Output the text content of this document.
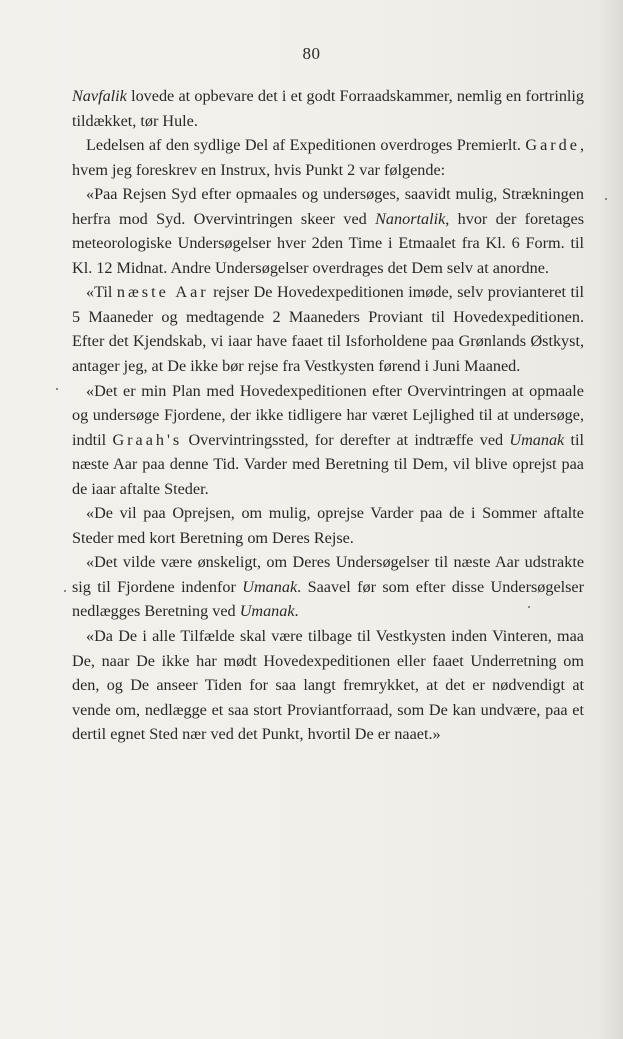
80

Navfalik lovede at opbevare det i et godt Forraadskammer, nemlig en fortrinlig tildækket, tør Hule.

Ledelsen af den sydlige Del af Expeditionen overdroges Premierlt. Garde, hvem jeg foreskrev en Instrux, hvis Punkt 2 var følgende:

«Paa Rejsen Syd efter opmaales og undersøges, saavidt mulig, Strækningen herfra mod Syd. Overvintringen skeer ved Nanortalik, hvor der foretages meteorologiske Undersøgelser hver 2den Time i Etmaalet fra Kl. 6 Form. til Kl. 12 Midnat. Andre Undersøgelser overdrages det Dem selv at anordne.

«Til næste Aar rejser De Hovedexpeditionen imøde, selv provianteret til 5 Maaneder og medtagende 2 Maaneders Proviant til Hovedexpeditionen. Efter det Kjendskab, vi iaar have faaet til Isforholdene paa Grønlands Østkyst, antager jeg, at De ikke bør rejse fra Vestkysten førend i Juni Maaned.

«Det er min Plan med Hovedexpeditionen efter Overvintringen at opmaale og undersøge Fjordene, der ikke tidligere har været Lejlighed til at undersøge, indtil Graah's Overvintringssted, for derefter at indtræffe ved Umanak til næste Aar paa denne Tid. Varder med Beretning til Dem, vil blive oprejst paa de iaar aftalte Steder.

«De vil paa Oprejsen, om mulig, oprejse Varder paa de i Sommer aftalte Steder med kort Beretning om Deres Rejse.

«Det vilde være ønskeligt, om Deres Undersøgelser til næste Aar udstrakte sig til Fjordene indenfor Umanak. Saavel før som efter disse Undersøgelser nedlægges Beretning ved Umanak.

«Da De i alle Tilfælde skal være tilbage til Vestkysten inden Vinteren, maa De, naar De ikke har mødt Hovedexpeditionen eller faaet Underretning om den, og De anseer Tiden for saa langt fremrykket, at det er nødvendigt at vende om, nedlægge et saa stort Proviantforraad, som De kan undvære, paa et dertil egnet Sted nær ved det Punkt, hvortil De er naaet.»
